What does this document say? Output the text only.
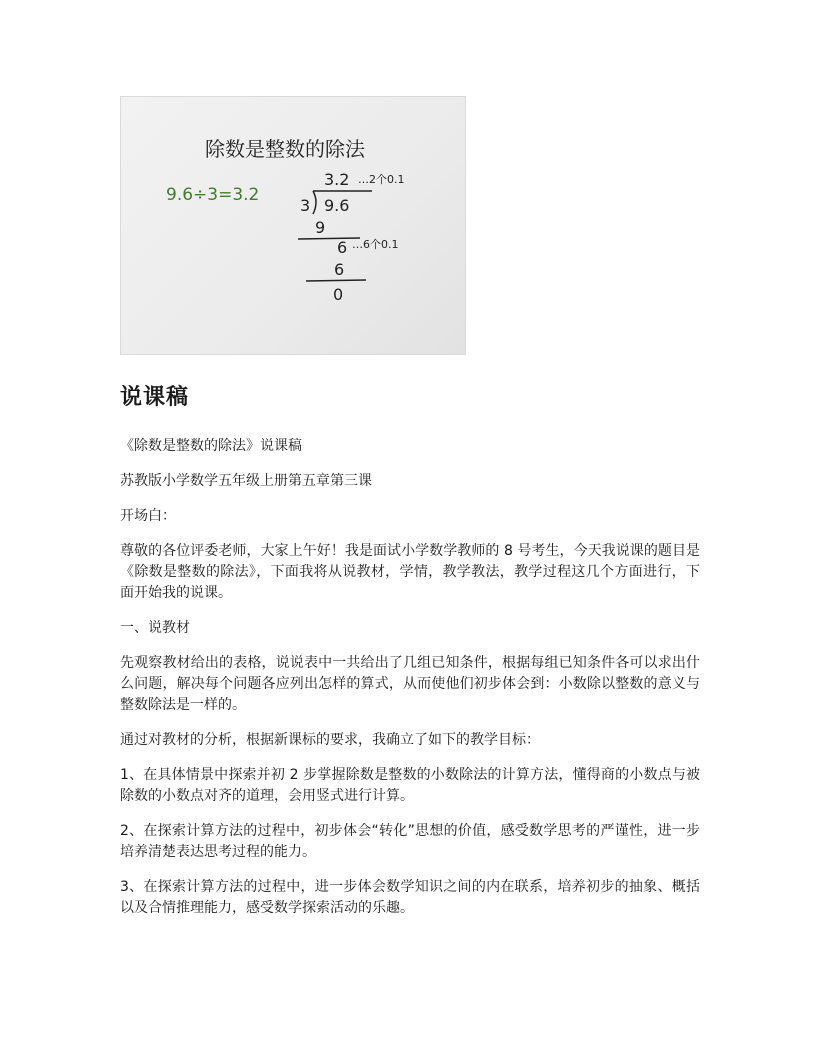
除数是整数的除法
9.6÷3=3.2
3.2 …2个0.1
3 9.6
9
6 …6个0.1
6
0
说课稿

《除数是整数的除法》说课稿

苏教版小学数学五年级上册第五章第三课

开场白：

尊敬的各位评委老师，大家上午好！我是面试小学数学教师的 8 号考生，今天我说课的题目是《除数是整数的除法》，下面我将从说教材，学情，教学教法，教学过程这几个方面进行，下面开始我的说课。

一、说教材

先观察教材给出的表格，说说表中一共给出了几组已知条件，根据每组已知条件各可以求出什么问题，解决每个问题各应列出怎样的算式，从而使他们初步体会到：小数除以整数的意义与整数除法是一样的。

通过对教材的分析，根据新课标的要求，我确立了如下的教学目标：

1、在具体情景中探索并初 2 步掌握除数是整数的小数除法的计算方法，懂得商的小数点与被除数的小数点对齐的道理，会用竖式进行计算。

2、在探索计算方法的过程中，初步体会“转化”思想的价值，感受数学思考的严谨性，进一步培养清楚表达思考过程的能力。

3、在探索计算方法的过程中，进一步体会数学知识之间的内在联系，培养初步的抽象、概括以及合情推理能力，感受数学探索活动的乐趣。
